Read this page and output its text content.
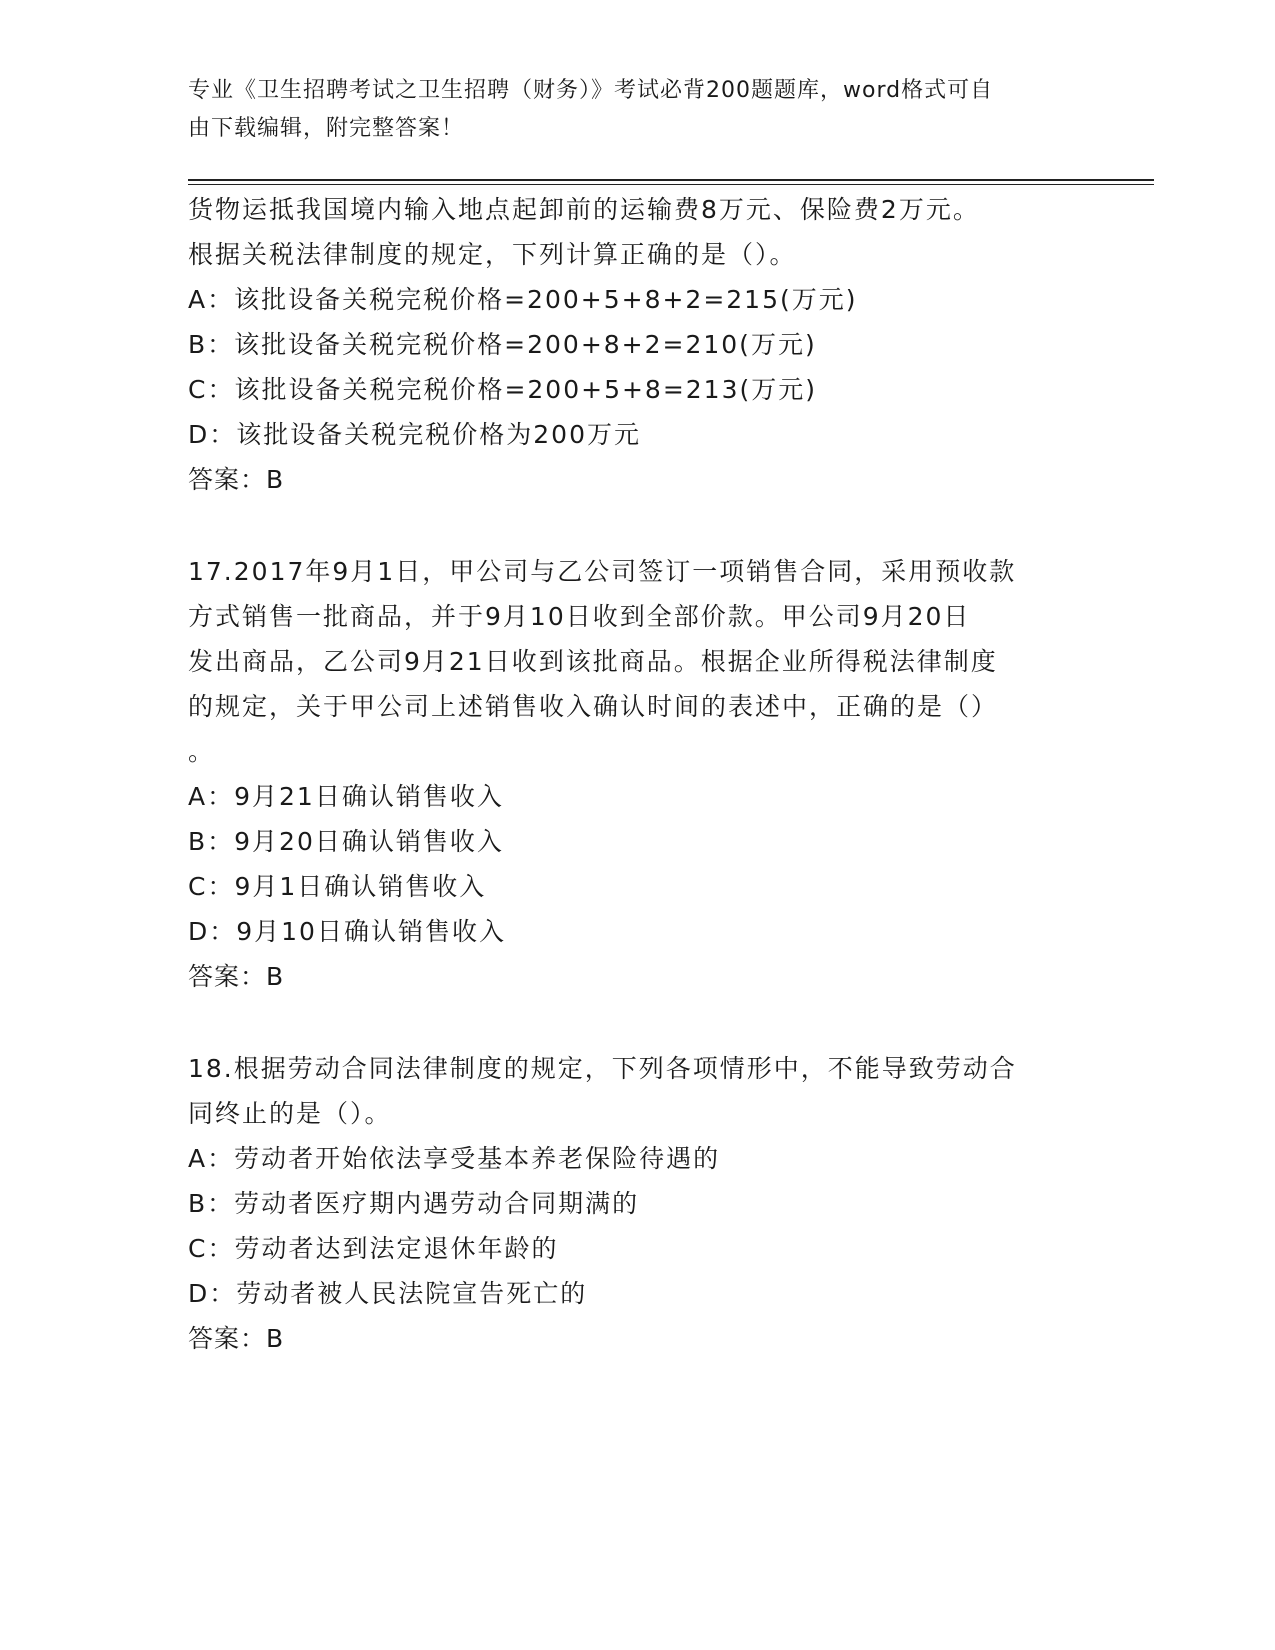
专业《卫生招聘考试之卫生招聘（财务）》考试必背200题题库，word格式可自
由下载编辑，附完整答案！
货物运抵我国境内输入地点起卸前的运输费8万元、保险费2万元。
根据关税法律制度的规定，下列计算正确的是（）。
A：该批设备关税完税价格=200+5+8+2=215(万元)
B：该批设备关税完税价格=200+8+2=210(万元)
C：该批设备关税完税价格=200+5+8=213(万元)
D：该批设备关税完税价格为200万元
答案：B
17.2017年9月1日，甲公司与乙公司签订一项销售合同，采用预收款
方式销售一批商品，并于9月10日收到全部价款。甲公司9月20日
发出商品，乙公司9月21日收到该批商品。根据企业所得税法律制度
的规定，关于甲公司上述销售收入确认时间的表述中，正确的是（）
。
A：9月21日确认销售收入
B：9月20日确认销售收入
C：9月1日确认销售收入
D：9月10日确认销售收入
答案：B
18.根据劳动合同法律制度的规定，下列各项情形中，不能导致劳动合
同终止的是（）。
A：劳动者开始依法享受基本养老保险待遇的
B：劳动者医疗期内遇劳动合同期满的
C：劳动者达到法定退休年龄的
D：劳动者被人民法院宣告死亡的
答案：B
